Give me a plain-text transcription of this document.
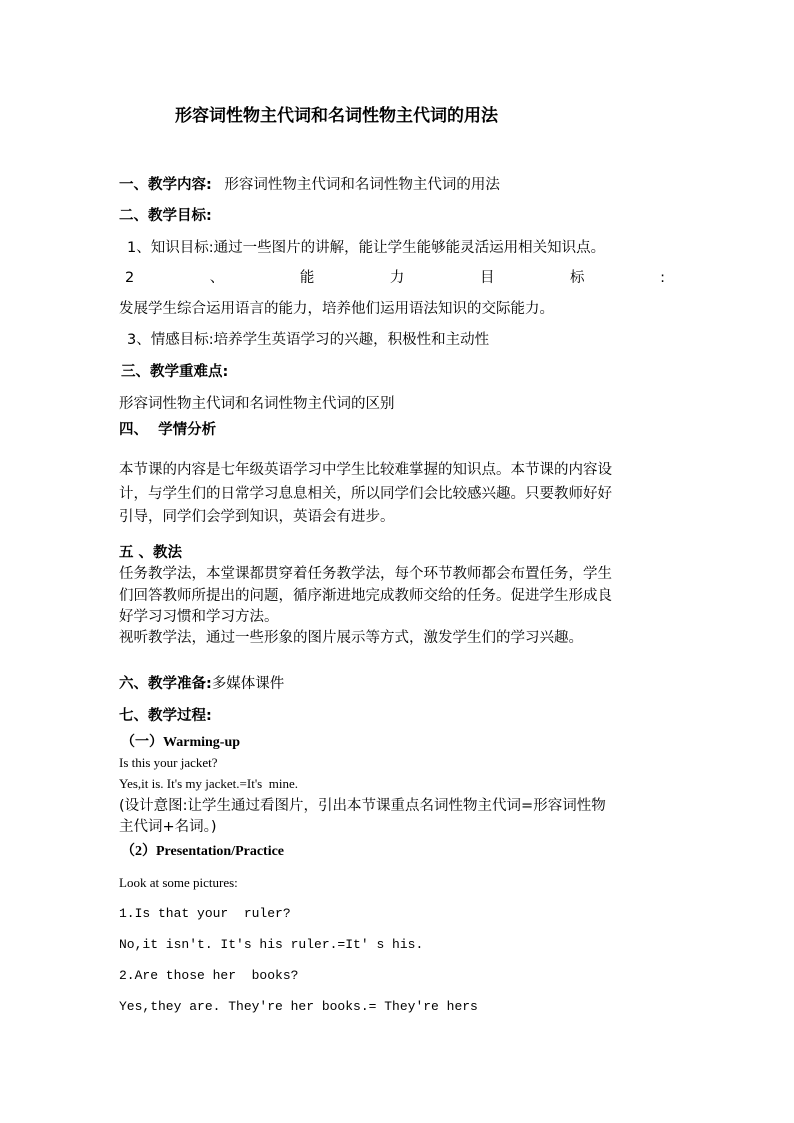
形容词性物主代词和名词性物主代词的用法
一、教学内容: 形容词性物主代词和名词性物主代词的用法
二、教学目标:
1、知识目标:通过一些图片的讲解，能让学生能够能灵活运用相关知识点。
2	、	能	力	目	标	:
发展学生综合运用语言的能力，培养他们运用语法知识的交际能力。
3、情感目标:培养学生英语学习的兴趣，积极性和主动性
三、教学重难点:
形容词性物主代词和名词性物主代词的区别
四、  学情分析
本节课的内容是七年级英语学习中学生比较难掌握的知识点。本节课的内容设
计，与学生们的日常学习息息相关，所以同学们会比较感兴趣。只要教师好好
引导，同学们会学到知识，英语会有进步。
五 、教法
任务教学法，本堂课都贯穿着任务教学法，每个环节教师都会布置任务，学生
们回答教师所提出的问题，循序渐进地完成教师交给的任务。促进学生形成良
好学习习惯和学习方法。
视听教学法，通过一些形象的图片展示等方式，激发学生们的学习兴趣。
六、教学准备:多媒体课件
七、教学过程:
（一）Warming-up
Is this your jacket?
Yes,it is. It's my jacket.=It's  mine.
(设计意图:让学生通过看图片，引出本节课重点名词性物主代词=形容词性物
主代词+名词。)
（2）Presentation/Practice
Look at some pictures:
1.Is that your  ruler?
No,it isn't. It's his ruler.=It' s his.
2.Are those her  books?
Yes,they are. They're her books.= They're hers
